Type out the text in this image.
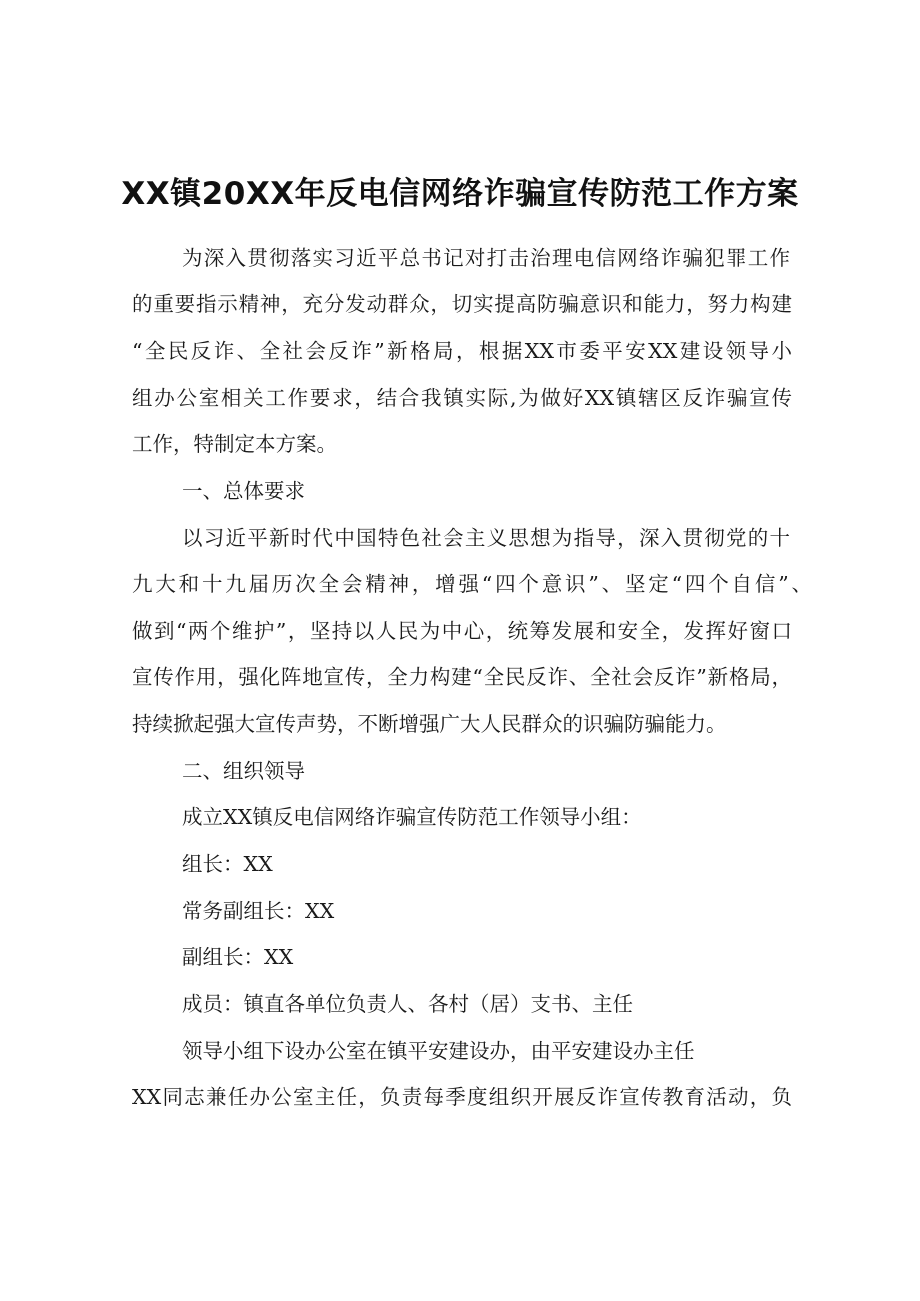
XX镇20XX年反电信网络诈骗宣传防范工作方案
为深入贯彻落实习近平总书记对打击治理电信网络诈骗犯罪工作
的重要指示精神，充分发动群众，切实提高防骗意识和能力，努力构建
“全民反诈、全社会反诈”新格局，根据XX市委平安XX建设领导小
组办公室相关工作要求，结合我镇实际,为做好XX镇辖区反诈骗宣传
工作，特制定本方案。
一、总体要求
以习近平新时代中国特色社会主义思想为指导，深入贯彻党的十
九大和十九届历次全会精神，增强“四个意识”、坚定“四个自信”、
做到“两个维护”，坚持以人民为中心，统筹发展和安全，发挥好窗口
宣传作用，强化阵地宣传，全力构建“全民反诈、全社会反诈”新格局，
持续掀起强大宣传声势，不断增强广大人民群众的识骗防骗能力。
二、组织领导
成立XX镇反电信网络诈骗宣传防范工作领导小组：
组长：XX
常务副组长：XX
副组长：XX
成员：镇直各单位负责人、各村（居）支书、主任
领导小组下设办公室在镇平安建设办，由平安建设办主任
XX同志兼任办公室主任，负责每季度组织开展反诈宣传教育活动，负
